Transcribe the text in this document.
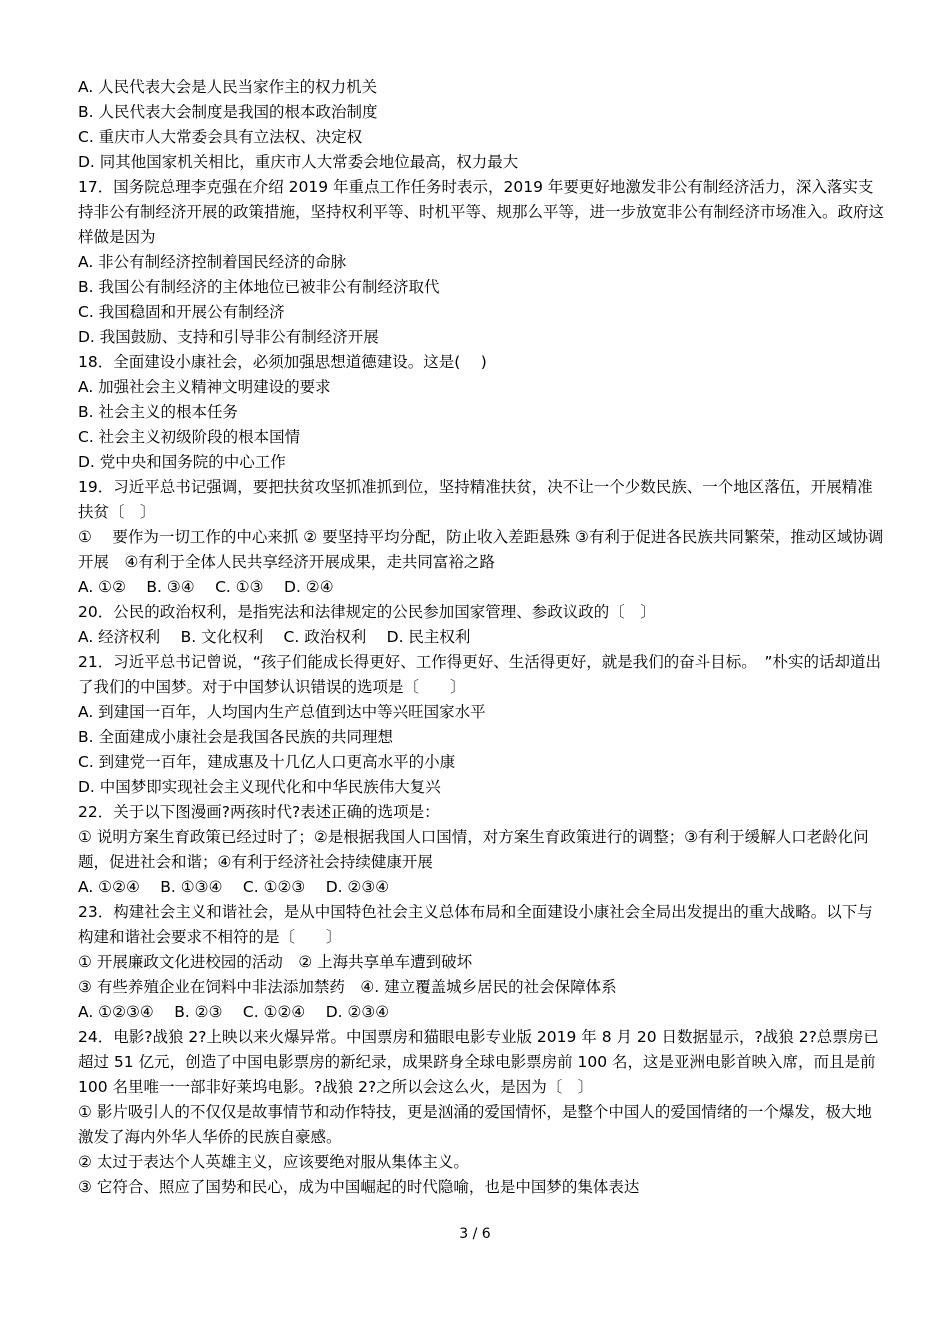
A. 人民代表大会是人民当家作主的权力机关

B. 人民代表大会制度是我国的根本政治制度

C. 重庆市人大常委会具有立法权、决定权

D. 同其他国家机关相比，重庆市人大常委会地位最高，权力最大

17．国务院总理李克强在介绍 2019 年重点工作任务时表示，2019 年要更好地激发非公有制经济活力，深入落实支持非公有制经济开展的政策措施，坚持权利平等、时机平等、规那么平等，进一步放宽非公有制经济市场准入。政府这样做是因为

A. 非公有制经济控制着国民经济的命脉

B. 我国公有制经济的主体地位已被非公有制经济取代

C. 我国稳固和开展公有制经济

D. 我国鼓励、支持和引导非公有制经济开展

18．全面建设小康社会，必须加强思想道德建设。这是(　 )

A. 加强社会主义精神文明建设的要求

B. 社会主义的根本任务

C. 社会主义初级阶段的根本国情

D. 党中央和国务院的中心工作

19．习近平总书记强调，要把扶贫攻坚抓准抓到位，坚持精准扶贫，决不让一个少数民族、一个地区落伍，开展精准扶贫〔　〕

①　 要作为一切工作的中心来抓 ② 要坚持平均分配，防止收入差距悬殊 ③有利于促进各民族共同繁荣，推动区域协调开展　④有利于全体人民共享经济开展成果，走共同富裕之路

A. ①②　 B. ③④　 C. ①③　 D. ②④

20．公民的政治权利，是指宪法和法律规定的公民参加国家管理、参政议政的〔　〕

A. 经济权利　 B. 文化权利　 C. 政治权利　 D. 民主权利

21．习近平总书记曾说，“孩子们能成长得更好、工作得更好、生活得更好，就是我们的奋斗目标。　”朴实的话却道出了我们的中国梦。对于中国梦认识错误的选项是〔　　〕

A. 到建国一百年，人均国内生产总值到达中等兴旺国家水平

B. 全面建成小康社会是我国各民族的共同理想

C. 到建党一百年，建成惠及十几亿人口更高水平的小康

D. 中国梦即实现社会主义现代化和中华民族伟大复兴

22．关于以下图漫画?两孩时代?表述正确的选项是：

① 说明方案生育政策已经过时了；②是根据我国人口国情，对方案生育政策进行的调整；③有利于缓解人口老龄化问题，促进社会和谐；④有利于经济社会持续健康开展

A. ①②④　 B. ①③④　 C. ①②③　 D. ②③④

23．构建社会主义和谐社会，是从中国特色社会主义总体布局和全面建设小康社会全局出发提出的重大战略。以下与构建和谐社会要求不相符的是〔　　〕

① 开展廉政文化进校园的活动　② 上海共享单车遭到破坏

③ 有些养殖企业在饲料中非法添加禁药　④. 建立覆盖城乡居民的社会保障体系

A. ①②③④　 B. ②③　 C. ①②④　 D. ②③④

24．电影?战狼 2?上映以来火爆异常。中国票房和猫眼电影专业版 2019 年 8 月 20 日数据显示，?战狼 2?总票房已超过 51 亿元，创造了中国电影票房的新纪录，成果跻身全球电影票房前 100 名，这是亚洲电影首映入席，而且是前 100 名里唯一一部非好莱坞电影。?战狼 2?之所以会这么火，是因为〔　〕

① 影片吸引人的不仅仅是故事情节和动作特技，更是汹涌的爱国情怀，是整个中国人的爱国情绪的一个爆发，极大地激发了海内外华人华侨的民族自豪感。

② 太过于表达个人英雄主义，应该要绝对服从集体主义。

③ 它符合、照应了国势和民心，成为中国崛起的时代隐喻，也是中国梦的集体表达

3 / 6
